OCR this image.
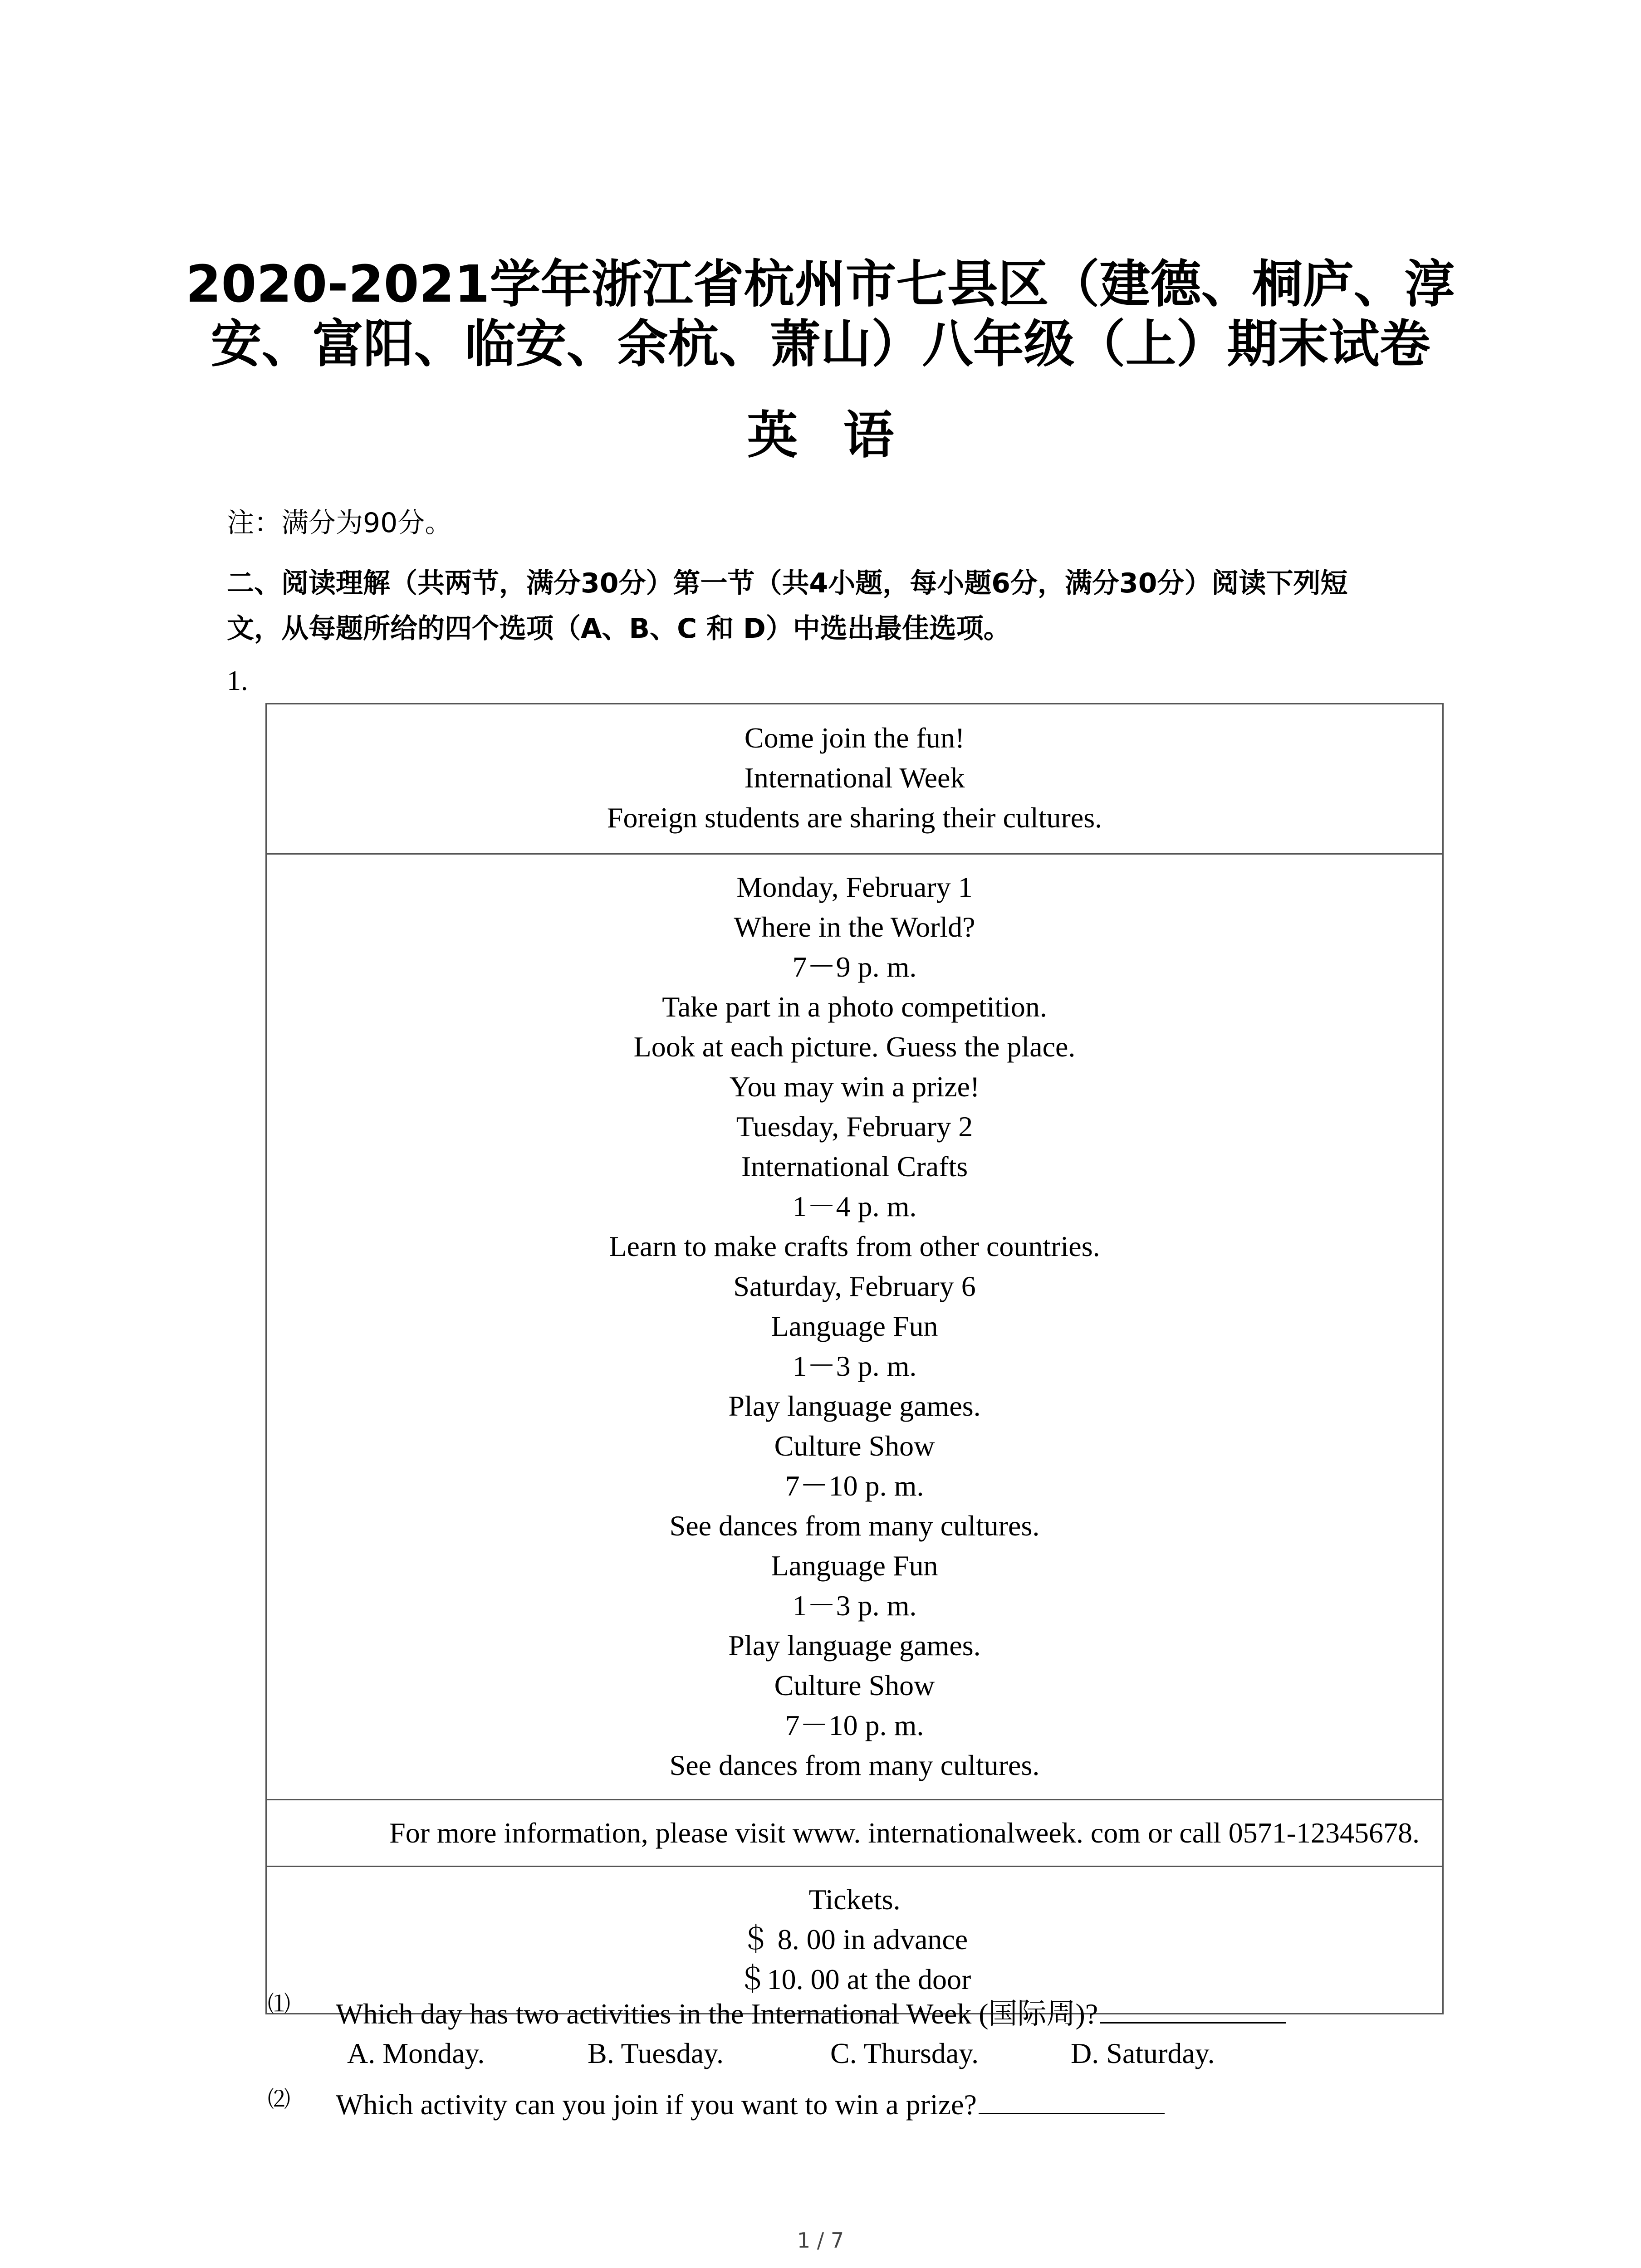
2020-2021学年浙江省杭州市七县区（建德、桐庐、淳
安、富阳、临安、余杭、萧山）八年级（上）期末试卷
英语
注：满分为90分。
二、阅读理解（共两节，满分30分）第一节（共4小题，每小题6分，满分30分）阅读下列短
文，从每题所给的四个选项（A、B、C 和 D）中选出最佳选项。
1.
Come join the fun!
International Week
Foreign students are sharing their cultures.
Monday, February 1
Where in the World?
7－9 p. m.
Take part in a photo competition.
Look at each picture. Guess the place.
You may win a prize!
Tuesday, February 2
International Crafts
1－4 p. m.
Learn to make crafts from other countries.
Saturday, February 6
Language Fun
1－3 p. m.
Play language games.
Culture Show
7－10 p. m.
See dances from many cultures.
Language Fun
1－3 p. m.
Play language games.
Culture Show
7－10 p. m.
See dances from many cultures.
For more information, please visit www. internationalweek. com or call 0571-12345678.
Tickets.
＄ 8. 00 in advance
＄10. 00 at the door
⑴ Which day has two activities in the International Week (国际周)?
A. Monday.	B. Tuesday.	C. Thursday.	D. Saturday.
⑵ Which activity can you join if you want to win a prize?
1 / 7
